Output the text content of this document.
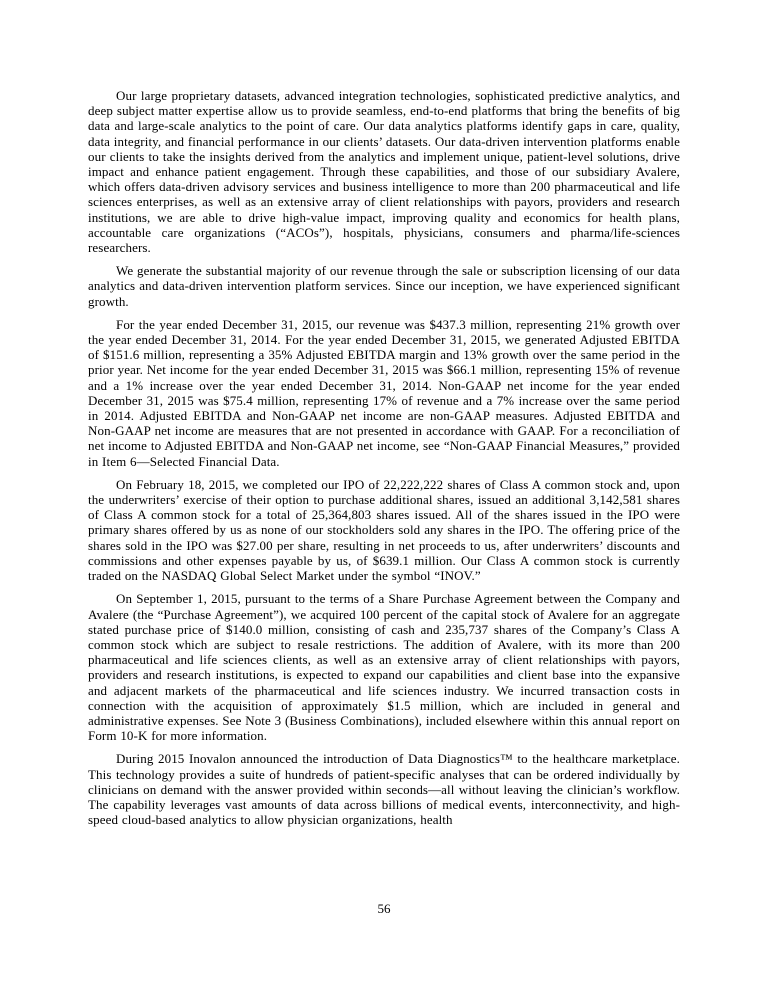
Our large proprietary datasets, advanced integration technologies, sophisticated predictive analytics, and deep subject matter expertise allow us to provide seamless, end-to-end platforms that bring the benefits of big data and large-scale analytics to the point of care. Our data analytics platforms identify gaps in care, quality, data integrity, and financial performance in our clients’ datasets. Our data-driven intervention platforms enable our clients to take the insights derived from the analytics and implement unique, patient-level solutions, drive impact and enhance patient engagement. Through these capabilities, and those of our subsidiary Avalere, which offers data-driven advisory services and business intelligence to more than 200 pharmaceutical and life sciences enterprises, as well as an extensive array of client relationships with payors, providers and research institutions, we are able to drive high-value impact, improving quality and economics for health plans, accountable care organizations (“ACOs”), hospitals, physicians, consumers and pharma/life-sciences researchers.

We generate the substantial majority of our revenue through the sale or subscription licensing of our data analytics and data-driven intervention platform services. Since our inception, we have experienced significant growth.

For the year ended December 31, 2015, our revenue was $437.3 million, representing 21% growth over the year ended December 31, 2014. For the year ended December 31, 2015, we generated Adjusted EBITDA of $151.6 million, representing a 35% Adjusted EBITDA margin and 13% growth over the same period in the prior year. Net income for the year ended December 31, 2015 was $66.1 million, representing 15% of revenue and a 1% increase over the year ended December 31, 2014. Non-GAAP net income for the year ended December 31, 2015 was $75.4 million, representing 17% of revenue and a 7% increase over the same period in 2014. Adjusted EBITDA and Non-GAAP net income are non-GAAP measures. Adjusted EBITDA and Non-GAAP net income are measures that are not presented in accordance with GAAP. For a reconciliation of net income to Adjusted EBITDA and Non-GAAP net income, see “Non-GAAP Financial Measures,” provided in Item 6—Selected Financial Data.

On February 18, 2015, we completed our IPO of 22,222,222 shares of Class A common stock and, upon the underwriters’ exercise of their option to purchase additional shares, issued an additional 3,142,581 shares of Class A common stock for a total of 25,364,803 shares issued. All of the shares issued in the IPO were primary shares offered by us as none of our stockholders sold any shares in the IPO. The offering price of the shares sold in the IPO was $27.00 per share, resulting in net proceeds to us, after underwriters’ discounts and commissions and other expenses payable by us, of $639.1 million. Our Class A common stock is currently traded on the NASDAQ Global Select Market under the symbol “INOV.”

On September 1, 2015, pursuant to the terms of a Share Purchase Agreement between the Company and Avalere (the “Purchase Agreement”), we acquired 100 percent of the capital stock of Avalere for an aggregate stated purchase price of $140.0 million, consisting of cash and 235,737 shares of the Company’s Class A common stock which are subject to resale restrictions. The addition of Avalere, with its more than 200 pharmaceutical and life sciences clients, as well as an extensive array of client relationships with payors, providers and research institutions, is expected to expand our capabilities and client base into the expansive and adjacent markets of the pharmaceutical and life sciences industry. We incurred transaction costs in connection with the acquisition of approximately $1.5 million, which are included in general and administrative expenses. See Note 3 (Business Combinations), included elsewhere within this annual report on Form 10-K for more information.

During 2015 Inovalon announced the introduction of Data Diagnostics™ to the healthcare marketplace. This technology provides a suite of hundreds of patient-specific analyses that can be ordered individually by clinicians on demand with the answer provided within seconds—all without leaving the clinician’s workflow. The capability leverages vast amounts of data across billions of medical events, interconnectivity, and high-speed cloud-based analytics to allow physician organizations, health

56
